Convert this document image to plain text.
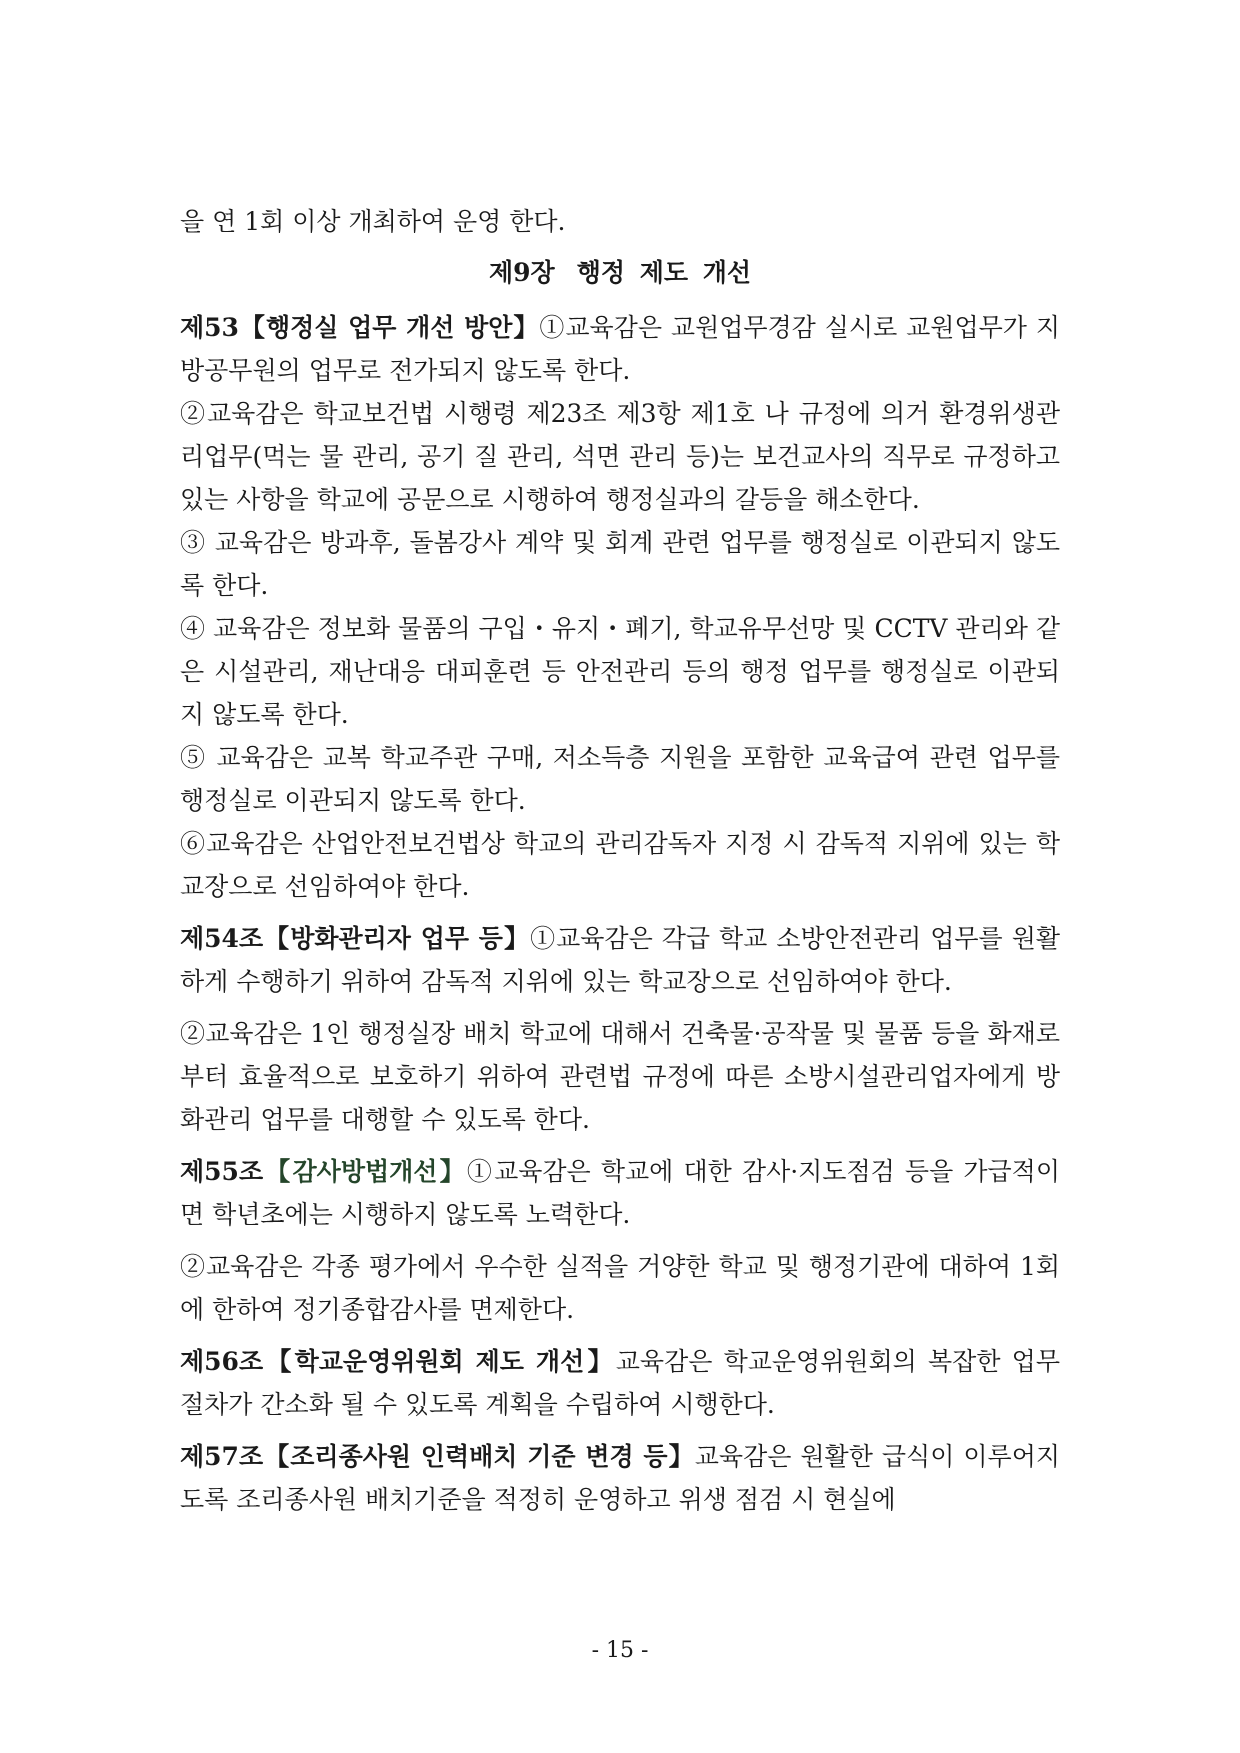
을 연 1회 이상 개최하여 운영 한다.

제9장 행정 제도 개선

제53【행정실 업무 개선 방안】①교육감은 교원업무경감 실시로 교원업무가 지방공무원의 업무로 전가되지 않도록 한다.

②교육감은 학교보건법 시행령 제23조 제3항 제1호 나 규정에 의거 환경위생관리업무(먹는 물 관리, 공기 질 관리, 석면 관리 등)는 보건교사의 직무로 규정하고 있는 사항을 학교에 공문으로 시행하여 행정실과의 갈등을 해소한다.

③ 교육감은 방과후, 돌봄강사 계약 및 회계 관련 업무를 행정실로 이관되지 않도록 한다.

④ 교육감은 정보화 물품의 구입・유지・폐기, 학교유무선망 및 CCTV 관리와 같은 시설관리, 재난대응 대피훈련 등 안전관리 등의 행정 업무를 행정실로 이관되지 않도록 한다.

⑤ 교육감은 교복 학교주관 구매, 저소득층 지원을 포함한 교육급여 관련 업무를 행정실로 이관되지 않도록 한다.

⑥교육감은 산업안전보건법상 학교의 관리감독자 지정 시 감독적 지위에 있는 학교장으로 선임하여야 한다.

제54조【방화관리자 업무 등】①교육감은 각급 학교 소방안전관리 업무를 원활하게 수행하기 위하여 감독적 지위에 있는 학교장으로 선임하여야 한다.

②교육감은 1인 행정실장 배치 학교에 대해서 건축물·공작물 및 물품 등을 화재로부터 효율적으로 보호하기 위하여 관련법 규정에 따른 소방시설관리업자에게 방화관리 업무를 대행할 수 있도록 한다.

제55조【감사방법개선】①교육감은 학교에 대한 감사·지도점검 등을 가급적이면 학년초에는 시행하지 않도록 노력한다.

②교육감은 각종 평가에서 우수한 실적을 거양한 학교 및 행정기관에 대하여 1회에 한하여 정기종합감사를 면제한다.

제56조【학교운영위원회 제도 개선】교육감은 학교운영위원회의 복잡한 업무 절차가 간소화 될 수 있도록 계획을 수립하여 시행한다.

제57조【조리종사원 인력배치 기준 변경 등】교육감은 원활한 급식이 이루어지도록 조리종사원 배치기준을 적정히 운영하고 위생 점검 시 현실에

- 15 -
